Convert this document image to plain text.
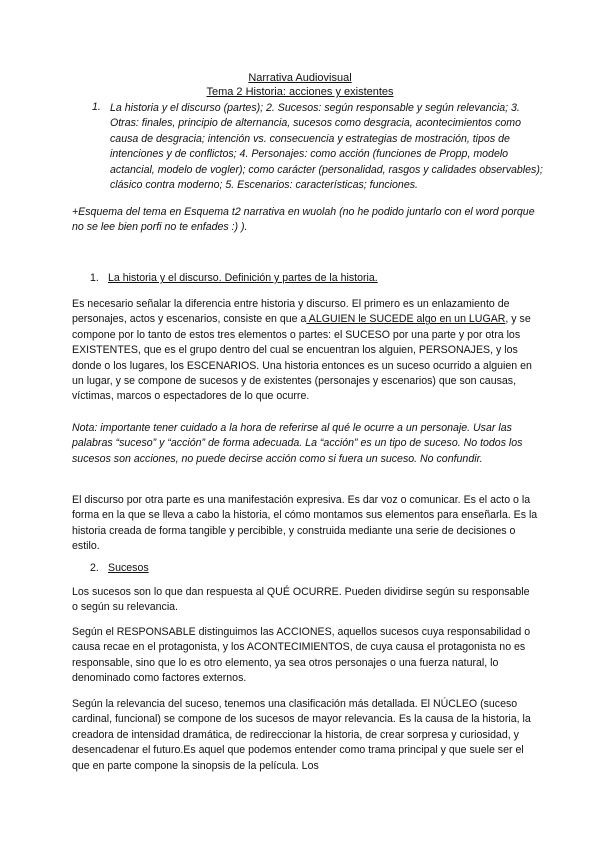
Narrativa Audiovisual
Tema 2 Historia: acciones y existentes
1. La historia y el discurso (partes); 2. Sucesos: según responsable y según relevancia; 3. Otras: finales, principio de alternancia, sucesos como desgracia, acontecimientos como causa de desgracia; intención vs. consecuencia y estrategias de mostración, tipos de intenciones y de conflictos; 4. Personajes: como acción (funciones de Propp, modelo actancial, modelo de vogler); como carácter (personalidad, rasgos y calidades observables); clásico contra moderno; 5. Escenarios: características; funciones.

+Esquema del tema en Esquema t2 narrativa en wuolah (no he podido juntarlo con el word porque no se lee bien porfi no te enfades :) ).

1. La historia y el discurso. Definición y partes de la historia.

Es necesario señalar la diferencia entre historia y discurso. El primero es un enlazamiento de personajes, actos y escenarios, consiste en que a ALGUIEN le SUCEDE algo en un LUGAR, y se compone por lo tanto de estos tres elementos o partes: el SUCESO por una parte y por otra los EXISTENTES, que es el grupo dentro del cual se encuentran los alguien, PERSONAJES, y los donde o los lugares, los ESCENARIOS. Una historia entonces es un suceso ocurrido a alguien en un lugar, y se compone de sucesos y de existentes (personajes y escenarios) que son causas, víctimas, marcos o espectadores de lo que ocurre.

Nota: importante tener cuidado a la hora de referirse al qué le ocurre a un personaje. Usar las palabras “suceso” y “acción” de forma adecuada. La “acción” es un tipo de suceso. No todos los sucesos son acciones, no puede decirse acción como si fuera un suceso. No confundir.

El discurso por otra parte es una manifestación expresiva. Es dar voz o comunicar. Es el acto o la forma en la que se lleva a cabo la historia, el cómo montamos sus elementos para enseñarla. Es la historia creada de forma tangible y percibible, y construida mediante una serie de decisiones o estilo.

2. Sucesos

Los sucesos son lo que dan respuesta al QUÉ OCURRE. Pueden dividirse según su responsable o según su relevancia.

Según el RESPONSABLE distinguimos las ACCIONES, aquellos sucesos cuya responsabilidad o causa recae en el protagonista, y los ACONTECIMIENTOS, de cuya causa el protagonista no es responsable, sino que lo es otro elemento, ya sea otros personajes o una fuerza natural, lo denominado como factores externos.

Según la relevancia del suceso, tenemos una clasificación más detallada. El NÚCLEO (suceso cardinal, funcional) se compone de los sucesos de mayor relevancia. Es la causa de la historia, la creadora de intensidad dramática, de redireccionar la historia, de crear sorpresa y curiosidad, y desencadenar el futuro.Es aquel que podemos entender como trama principal y que suele ser el que en parte compone la sinopsis de la película. Los
